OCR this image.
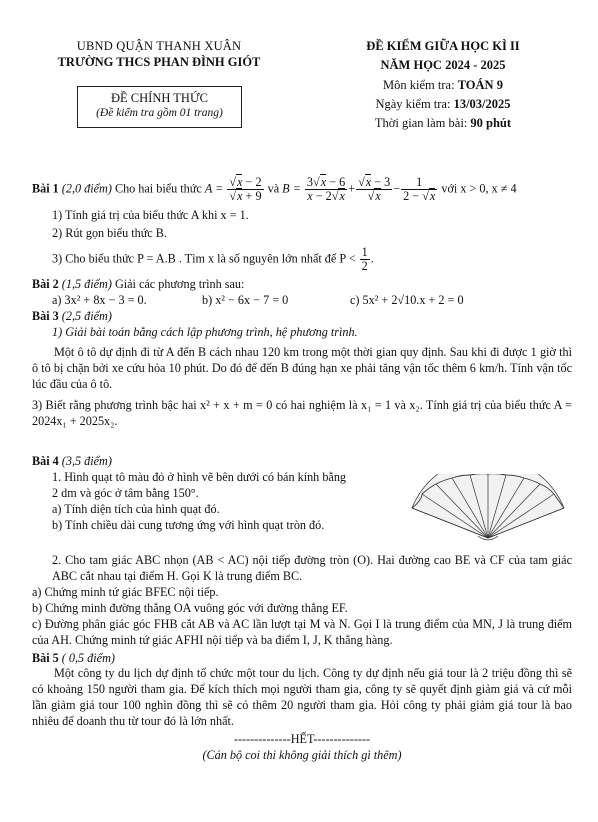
UBND QUẬN THANH XUÂN
TRƯỜNG THCS PHAN ĐÌNH GIÓT
ĐỀ CHÍNH THỨC
(Đề kiểm tra gồm 01 trang)
ĐỀ KIỂM GIỮA HỌC KÌ II
NĂM HỌC 2024 - 2025
Môn kiểm tra: TOÁN 9
Ngày kiểm tra: 13/03/2025
Thời gian làm bài: 90 phút
Bài 1 (2,0 điểm) Cho hai biểu thức $A = \frac{√x - 2}{√x + 9}$ và $B = \frac{3√x - 6}{x - 2√x} + \frac{√x - 3}{√x} - \frac{1}{2 - √x}$ với x > 0, x ≠ 4
1) Tính giá trị của biểu thức A khi x = 1.
2) Rút gọn biểu thức B.
3) Cho biểu thức P = A.B . Tìm x là số nguyên lớn nhất để $P < \frac{1}{2}$ .
Bài 2 (1,5 điểm) Giải các phương trình sau:
a) 3x² + 8x − 3 = 0.	b) x² − 6x − 7 = 0	c) 5x² + 2√10.x + 2 = 0
Bài 3 (2,5 điểm)
1) Giải bài toán bằng cách lập phương trình, hệ phương trình.
Một ô tô dự định đi từ A đến B cách nhau 120 km trong một thời gian quy định. Sau khi đi được 1 giờ thì ô tô bị chặn bởi xe cứu hỏa 10 phút. Do đó để đến B đúng hạn xe phải tăng vận tốc thêm 6 km/h. Tính vận tốc lúc đầu của ô tô.
3) Biết rằng phương trình bậc hai x² + x + m = 0 có hai nghiệm là x₁ = 1 và x₂. Tính giá trị của biểu thức A = 2024x₁ + 2025x₂.
Bài 4 (3,5 điểm)
1. Hình quạt tô màu đỏ ở hình vẽ bên dưới có bán kính bằng 2 dm và góc ở tâm bằng 150°.
a) Tính diện tích của hình quạt đó.
b) Tính chiều dài cung tương ứng với hình quạt tròn đó.
2. Cho tam giác ABC nhọn (AB < AC) nội tiếp đường tròn (O). Hai đường cao BE và CF của tam giác ABC cắt nhau tại điểm H. Gọi K là trung điểm BC.
a) Chứng minh tứ giác BFEC nội tiếp.
b) Chứng minh đường thẳng OA vuông góc với đường thẳng EF.
c) Đường phân giác góc FHB cắt AB và AC lần lượt tại M và N. Gọi I là trung điểm của MN, J là trung điểm của AH. Chứng minh tứ giác AFHI nội tiếp và ba điểm I, J, K thẳng hàng.
Bài 5 ( 0,5 điểm)
Một công ty du lịch dự định tổ chức một tour du lịch. Công ty dự định nếu giá tour là 2 triệu đồng thì sẽ có khoảng 150 người tham gia. Để kích thích mọi người tham gia, công ty sẽ quyết định giảm giá và cứ mỗi lần giảm giá tour 100 nghìn đồng thì sẽ có thêm 20 người tham gia. Hỏi công ty phải giảm giá tour là bao nhiêu để doanh thu từ tour đó là lớn nhất.
--------------HẾT--------------
(Cán bộ coi thi không giải thích gì thêm)
